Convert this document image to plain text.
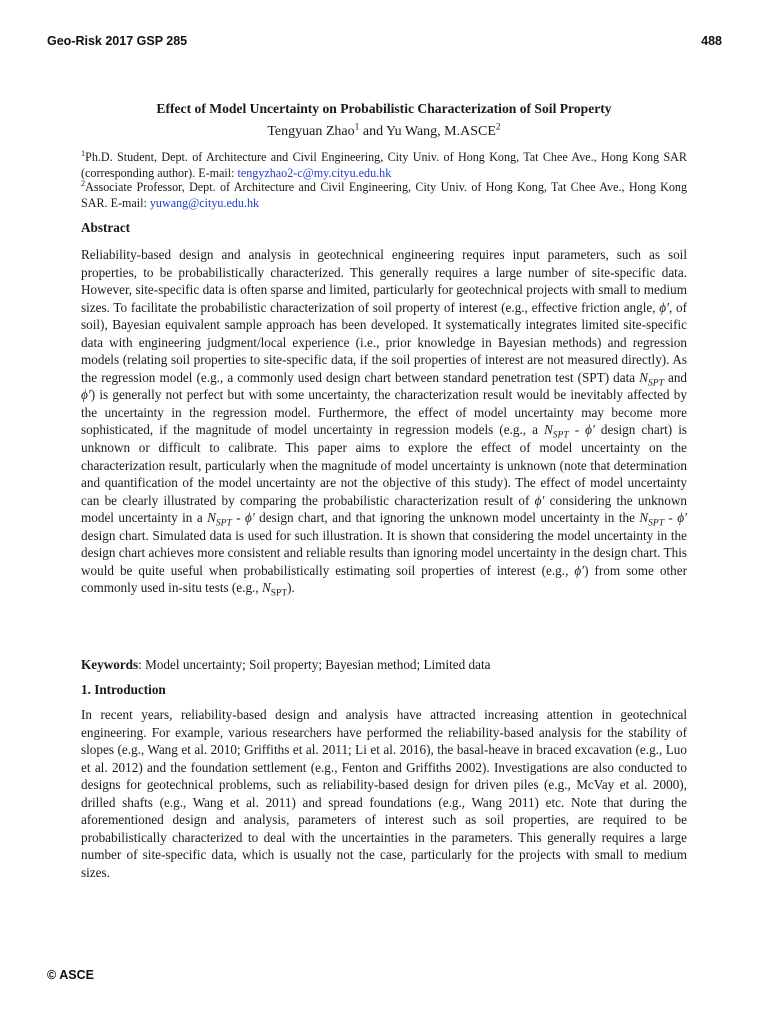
Geo-Risk 2017 GSP 285	488
Effect of Model Uncertainty on Probabilistic Characterization of Soil Property
Tengyuan Zhao$^1$ and Yu Wang, M.ASCE$^2$
$^1$Ph.D. Student, Dept. of Architecture and Civil Engineering, City Univ. of Hong Kong, Tat Chee Ave., Hong Kong SAR (corresponding author). E-mail: tengyzhao2-c@my.cityu.edu.hk
$^2$Associate Professor, Dept. of Architecture and Civil Engineering, City Univ. of Hong Kong, Tat Chee Ave., Hong Kong SAR. E-mail: yuwang@cityu.edu.hk
Abstract
Reliability-based design and analysis in geotechnical engineering requires input parameters, such as soil properties, to be probabilistically characterized. This generally requires a large number of site-specific data. However, site-specific data is often sparse and limited, particularly for geotechnical projects with small to medium sizes. To facilitate the probabilistic characterization of soil property of interest (e.g., effective friction angle, ϕ′, of soil), Bayesian equivalent sample approach has been developed. It systematically integrates limited site-specific data with engineering judgment/local experience (i.e., prior knowledge in Bayesian methods) and regression models (relating soil properties to site-specific data, if the soil properties of interest are not measured directly). As the regression model (e.g., a commonly used design chart between standard penetration test (SPT) data $N_{SPT}$ and ϕ′) is generally not perfect but with some uncertainty, the characterization result would be inevitably affected by the uncertainty in the regression model. Furthermore, the effect of model uncertainty may become more sophisticated, if the magnitude of model uncertainty in regression models (e.g., a $N_{SPT} - \phi'$ design chart) is unknown or difficult to calibrate. This paper aims to explore the effect of model uncertainty on the characterization result, particularly when the magnitude of model uncertainty is unknown (note that determination and quantification of the model uncertainty are not the objective of this study). The effect of model uncertainty can be clearly illustrated by comparing the probabilistic characterization result of ϕ′ considering the unknown model uncertainty in a $N_{SPT} - \phi'$ design chart, and that ignoring the unknown model uncertainty in the $N_{SPT} - \phi'$ design chart. Simulated data is used for such illustration. It is shown that considering the model uncertainty in the design chart achieves more consistent and reliable results than ignoring model uncertainty in the design chart. This would be quite useful when probabilistically estimating soil properties of interest (e.g., ϕ′) from some other commonly used in-situ tests (e.g., $N_{SPT}$).
Keywords: Model uncertainty; Soil property; Bayesian method; Limited data
1. Introduction
In recent years, reliability-based design and analysis have attracted increasing attention in geotechnical engineering. For example, various researchers have performed the reliability-based analysis for the stability of slopes (e.g., Wang et al. 2010; Griffiths et al. 2011; Li et al. 2016), the basal-heave in braced excavation (e.g., Luo et al. 2012) and the foundation settlement (e.g., Fenton and Griffiths 2002). Investigations are also conducted to designs for geotechnical problems, such as reliability-based design for driven piles (e.g., McVay et al. 2000), drilled shafts (e.g., Wang et al. 2011) and spread foundations (e.g., Wang 2011) etc. Note that during the aforementioned design and analysis, parameters of interest such as soil properties, are required to be probabilistically characterized to deal with the uncertainties in the parameters. This generally requires a large number of site-specific data, which is usually not the case, particularly for the projects with small to medium sizes.
© ASCE
